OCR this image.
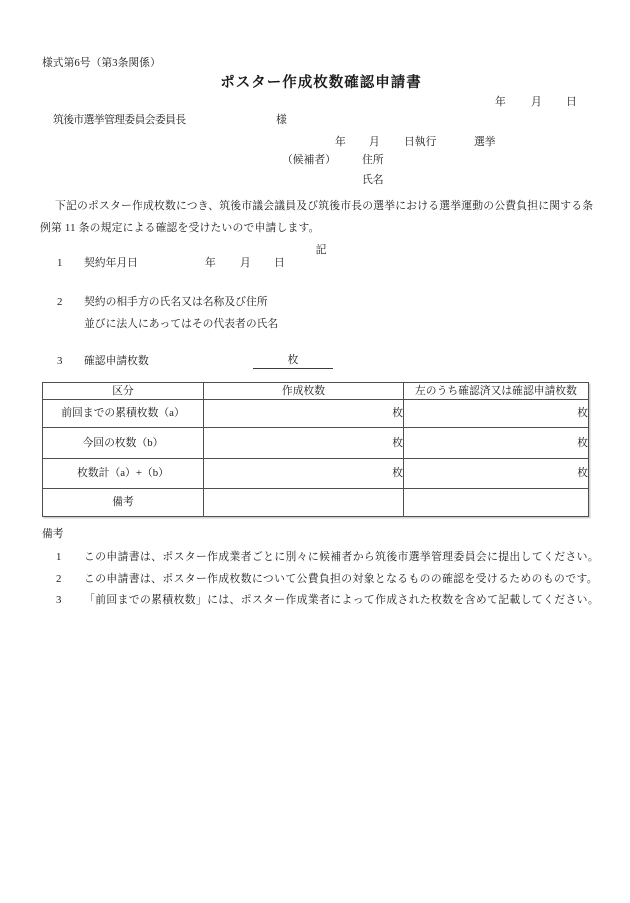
様式第6号（第3条関係）
ポスター作成枚数確認申請書
年 月 日
筑後市選挙管理委員会委員長	様
年 月 日執行	選挙
（候補者） 住所
氏名
下記のポスター作成枚数につき、筑後市議会議員及び筑後市長の選挙における選挙運動の公費負担に関する条例第 11 条の規定による確認を受けたいので申請します。
記
1 契約年月日	年 月 日
2 契約の相手方の氏名又は名称及び住所
並びに法人にあってはその代表者の氏名
3 確認申請枚数	枚
区分	作成枚数	左のうち確認済又は確認申請枚数
前回までの累積枚数（a）	枚	枚
今回の枚数（b）	枚	枚
枚数計（a）+（b）	枚	枚
備考		
備考
1 この申請書は、ポスター作成業者ごとに別々に候補者から筑後市選挙管理委員会に提出してください。
2 この申請書は、ポスター作成枚数について公費負担の対象となるものの確認を受けるためのものです。
3 「前回までの累積枚数」には、ポスター作成業者によって作成された枚数を含めて記載してください。
